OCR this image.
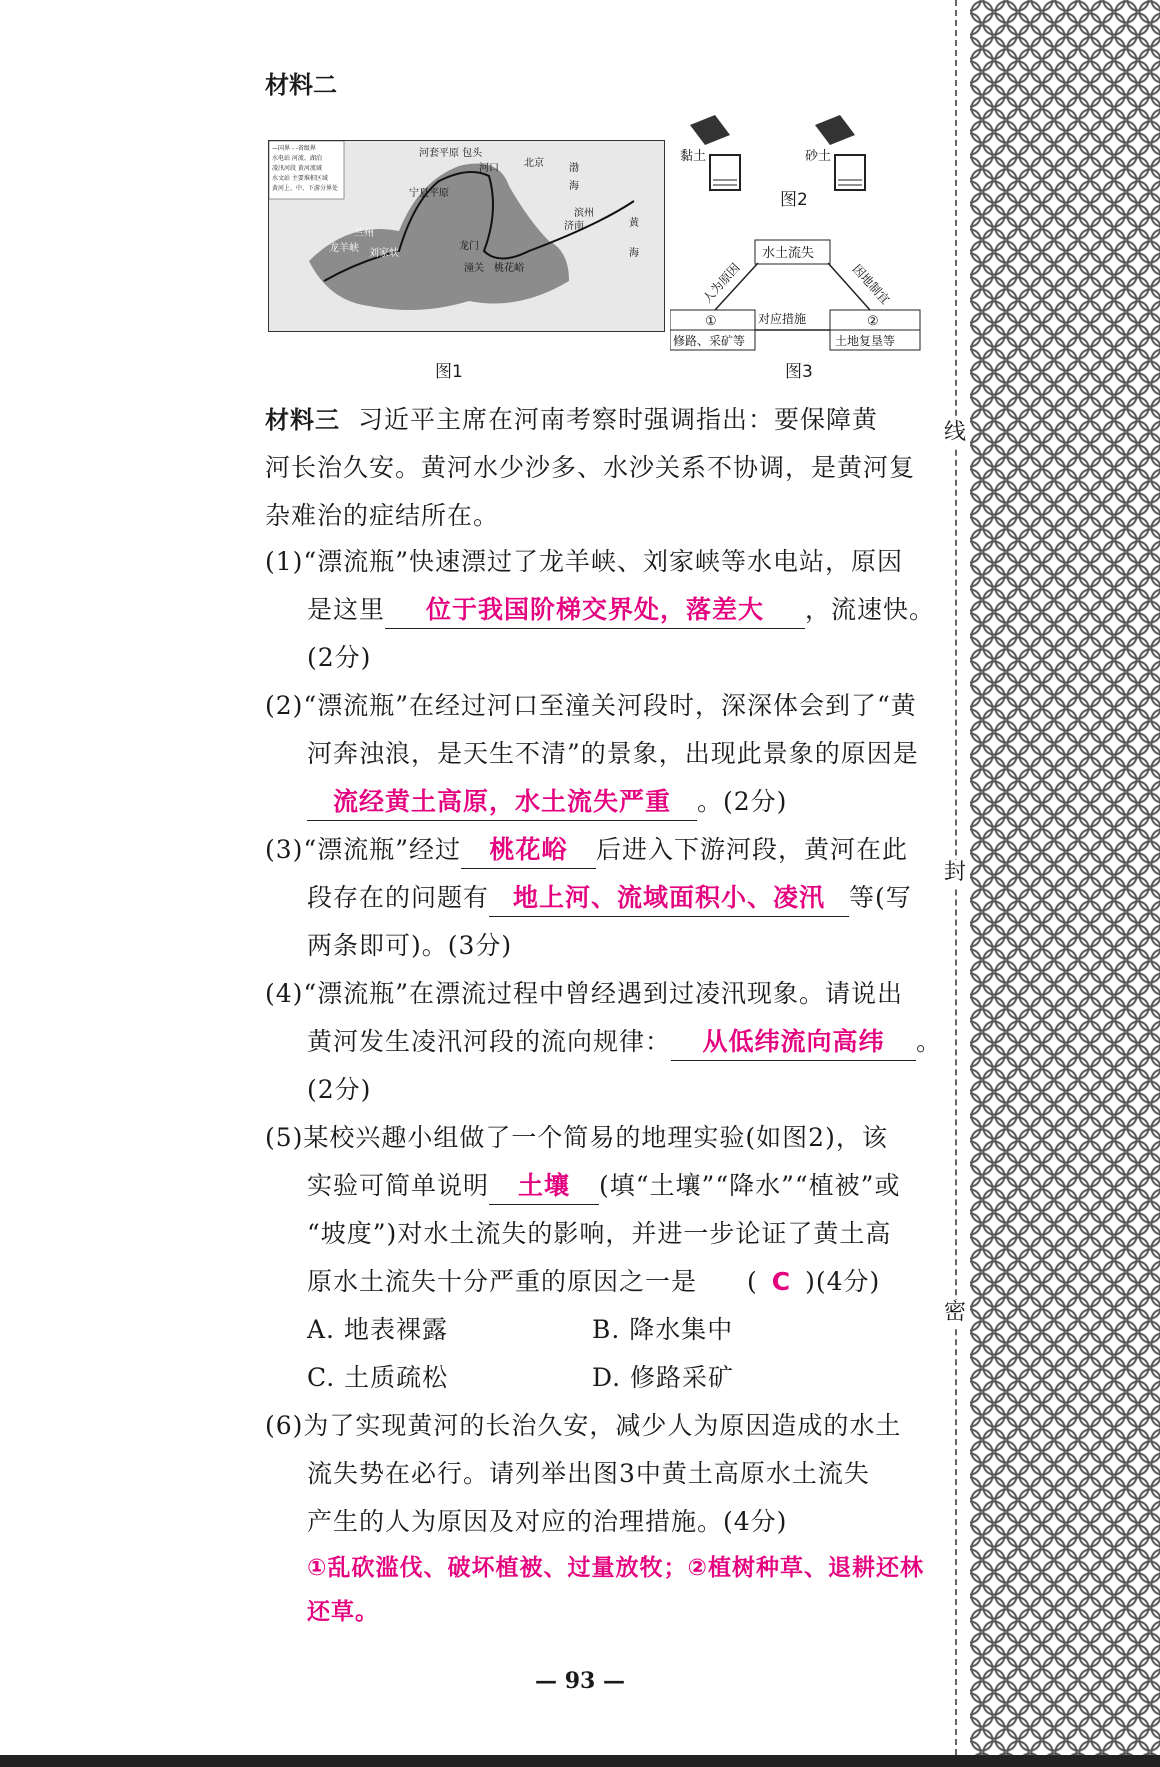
线
封
密
材料二
—国界 - -省级界
水电站 河流、湖泊
凌汛河段 黄河流域
水文站 主要堆积区域
黄河上、中、下游分界处
河套平原 包头
河口	北京	渤
海
宁夏平原
兰州
龙羊峡 刘家峡
龙门
潼关 桃花峪
滨州
济南	黄
海
图1
黏土	砂土
图2
水土流失
人为原因	因地制宜
①
修路、采矿等
②
土地复垦等
对应措施
图3
材料三 习近平主席在河南考察时强调指出：要保障黄
河长治久安。黄河水少沙多、水沙关系不协调，是黄河复
杂难治的症结所在。
(1)“漂流瓶”快速漂过了龙羊峡、刘家峡等水电站，原因
是这里 位于我国阶梯交界处，落差大 ，流速快。
(2分)
(2)“漂流瓶”在经过河口至潼关河段时，深深体会到了“黄
河奔浊浪，是天生不清”的景象，出现此景象的原因是
流经黄土高原，水土流失严重 。(2分)
(3)“漂流瓶”经过 桃花峪 后进入下游河段，黄河在此
段存在的问题有 地上河、流域面积小、凌汛 等(写
两条即可)。(3分)
(4)“漂流瓶”在漂流过程中曾经遇到过凌汛现象。请说出
黄河发生凌汛河段的流向规律： 从低纬流向高纬 。
(2分)
(5)某校兴趣小组做了一个简易的地理实验(如图2)，该
实验可简单说明 土壤 (填“土壤”“降水”“植被”或
“坡度”)对水土流失的影响，并进一步论证了黄土高
原水土流失十分严重的原因之一是 ( C )(4分)
A. 地表裸露	B. 降水集中
C. 土质疏松	D. 修路采矿
(6)为了实现黄河的长治久安，减少人为原因造成的水土
流失势在必行。请列举出图3中黄土高原水土流失
产生的人为原因及对应的治理措施。(4分)
①乱砍滥伐、破坏植被、过量放牧；②植树种草、退耕还林
还草。
— 93 —
